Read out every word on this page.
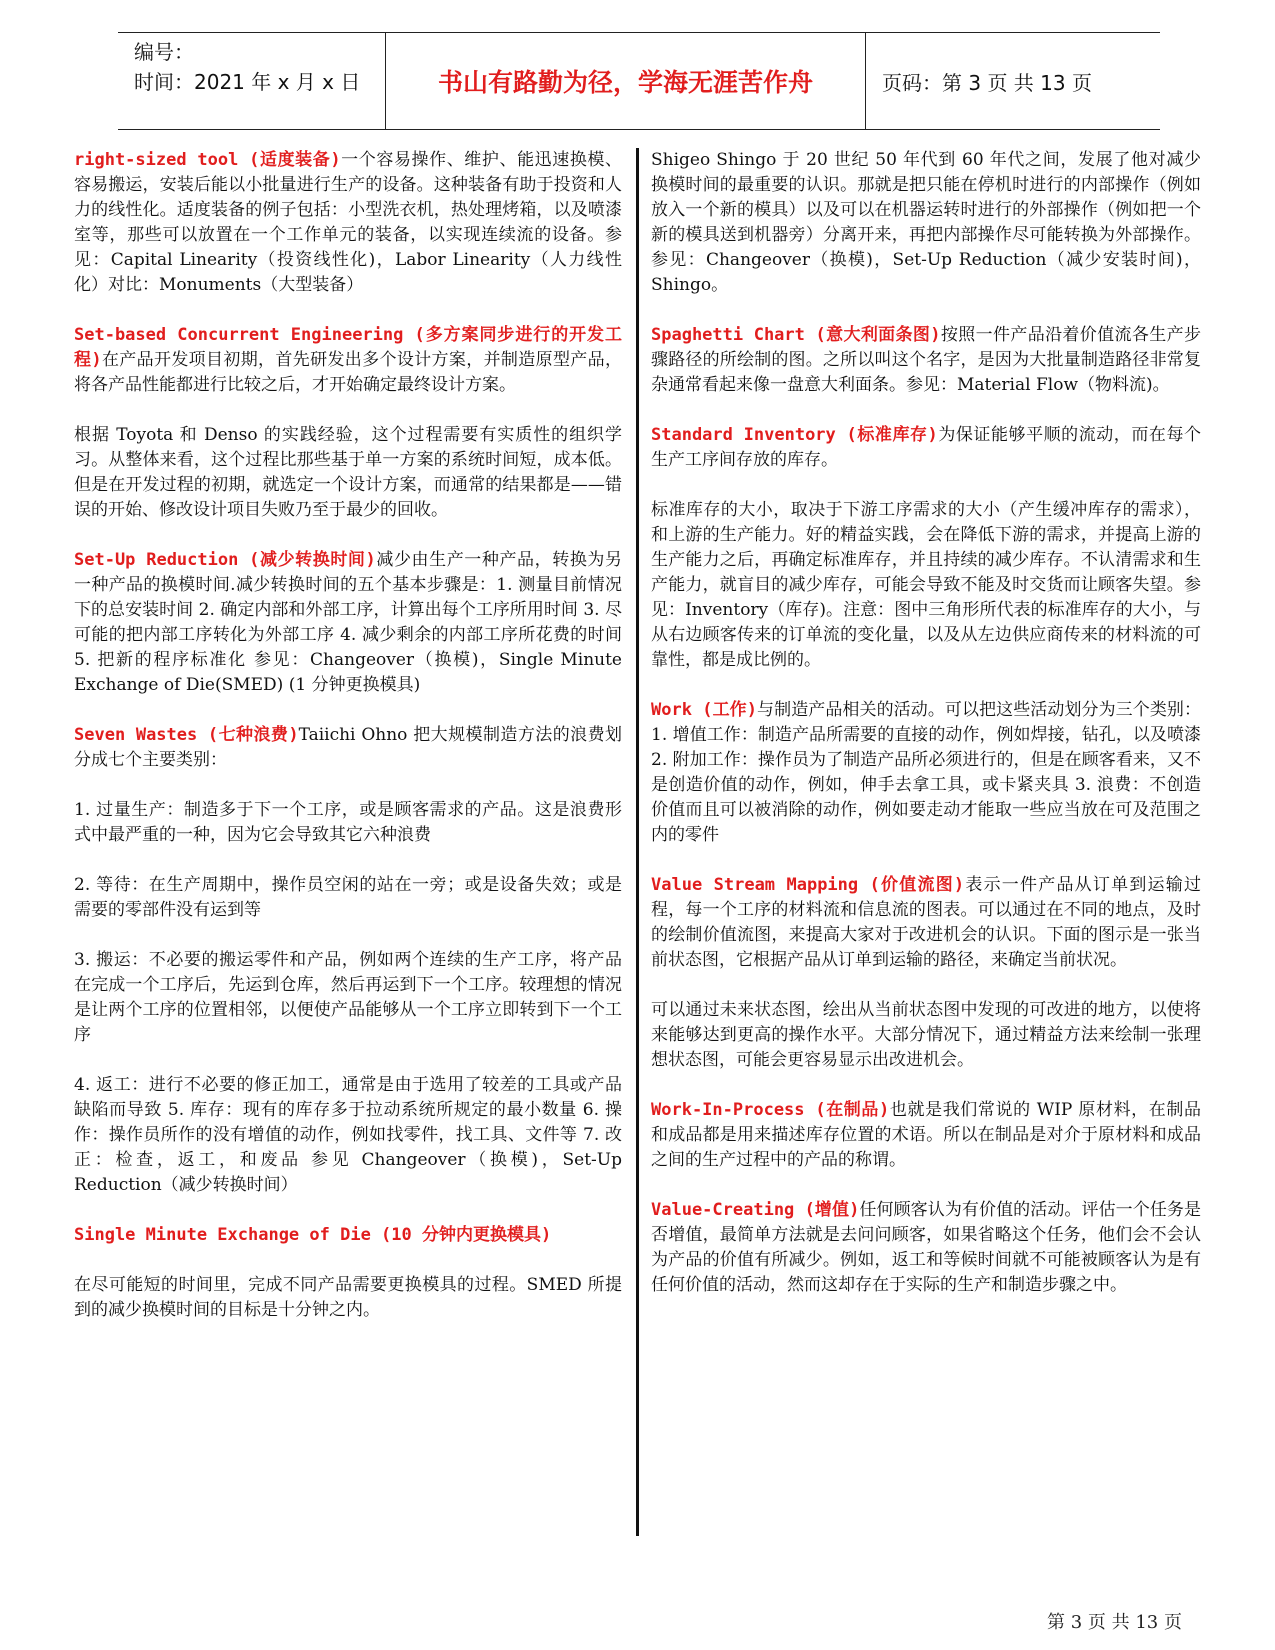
编号：
时间：2021 年 x 月 x 日	书山有路勤为径，学海无涯苦作舟	页码：第 3 页 共 13 页

right-sized tool (适度装备)一个容易操作、维护、能迅速换模、容易搬运，安装后能以小批量进行生产的设备。这种装备有助于投资和人力的线性化。适度装备的例子包括：小型洗衣机，热处理烤箱，以及喷漆室等，那些可以放置在一个工作单元的装备，以实现连续流的设备。参见：Capital Linearity（投资线性化)，Labor Linearity（人力线性化）对比：Monuments（大型装备）

Set-based Concurrent Engineering (多方案同步进行的开发工程)在产品开发项目初期，首先研发出多个设计方案，并制造原型产品，将各产品性能都进行比较之后，才开始确定最终设计方案。

根据 Toyota 和 Denso 的实践经验，这个过程需要有实质性的组织学习。从整体来看，这个过程比那些基于单一方案的系统时间短，成本低。但是在开发过程的初期，就选定一个设计方案，而通常的结果都是——错误的开始、修改设计项目失败乃至于最少的回收。

Set-Up Reduction (减少转换时间)减少由生产一种产品，转换为另一种产品的换模时间.减少转换时间的五个基本步骤是：1. 测量目前情况下的总安装时间 2. 确定内部和外部工序，计算出每个工序所用时间 3. 尽可能的把内部工序转化为外部工序 4. 减少剩余的内部工序所花费的时间 5. 把新的程序标准化 参见：Changeover（换模)，Single Minute Exchange of Die(SMED) (1 分钟更换模具)

Seven Wastes (七种浪费)Taiichi Ohno 把大规模制造方法的浪费划分成七个主要类别：

1. 过量生产：制造多于下一个工序，或是顾客需求的产品。这是浪费形式中最严重的一种，因为它会导致其它六种浪费

2. 等待：在生产周期中，操作员空闲的站在一旁；或是设备失效；或是需要的零部件没有运到等

3. 搬运：不必要的搬运零件和产品，例如两个连续的生产工序，将产品在完成一个工序后，先运到仓库，然后再运到下一个工序。较理想的情况是让两个工序的位置相邻，以便使产品能够从一个工序立即转到下一个工序

4. 返工：进行不必要的修正加工，通常是由于选用了较差的工具或产品缺陷而导致 5. 库存：现有的库存多于拉动系统所规定的最小数量 6. 操作：操作员所作的没有增值的动作，例如找零件，找工具、文件等 7. 改正：检查，返工，和废品 参见 Changeover（换模)，Set-Up Reduction（减少转换时间）

Single Minute Exchange of Die (10 分钟内更换模具)

在尽可能短的时间里，完成不同产品需要更换模具的过程。SMED 所提到的减少换模时间的目标是十分钟之内。

Shigeo Shingo 于 20 世纪 50 年代到 60 年代之间，发展了他对减少换模时间的最重要的认识。那就是把只能在停机时进行的内部操作（例如放入一个新的模具）以及可以在机器运转时进行的外部操作（例如把一个新的模具送到机器旁）分离开来，再把内部操作尽可能转换为外部操作。参见：Changeover（换模)，Set-Up Reduction（减少安装时间)，Shingo。

Spaghetti Chart (意大利面条图)按照一件产品沿着价值流各生产步骤路径的所绘制的图。之所以叫这个名字，是因为大批量制造路径非常复杂通常看起来像一盘意大利面条。参见：Material Flow（物料流)。

Standard Inventory (标准库存)为保证能够平顺的流动，而在每个生产工序间存放的库存。

标准库存的大小，取决于下游工序需求的大小（产生缓冲库存的需求），和上游的生产能力。好的精益实践，会在降低下游的需求，并提高上游的生产能力之后，再确定标准库存，并且持续的减少库存。不认清需求和生产能力，就盲目的减少库存，可能会导致不能及时交货而让顾客失望。参见：Inventory（库存)。注意：图中三角形所代表的标准库存的大小，与从右边顾客传来的订单流的变化量，以及从左边供应商传来的材料流的可靠性，都是成比例的。

Work (工作)与制造产品相关的活动。可以把这些活动划分为三个类别：1. 增值工作：制造产品所需要的直接的动作，例如焊接，钻孔，以及喷漆 2. 附加工作：操作员为了制造产品所必须进行的，但是在顾客看来，又不是创造价值的动作，例如，伸手去拿工具，或卡紧夹具 3. 浪费：不创造价值而且可以被消除的动作，例如要走动才能取一些应当放在可及范围之内的零件

Value Stream Mapping (价值流图)表示一件产品从订单到运输过程，每一个工序的材料流和信息流的图表。可以通过在不同的地点，及时的绘制价值流图，来提高大家对于改进机会的认识。下面的图示是一张当前状态图，它根据产品从订单到运输的路径，来确定当前状况。

可以通过未来状态图，绘出从当前状态图中发现的可改进的地方，以使将来能够达到更高的操作水平。大部分情况下，通过精益方法来绘制一张理想状态图，可能会更容易显示出改进机会。

Work-In-Process (在制品)也就是我们常说的 WIP 原材料，在制品和成品都是用来描述库存位置的术语。所以在制品是对介于原材料和成品之间的生产过程中的产品的称谓。

Value-Creating (增值)任何顾客认为有价值的活动。评估一个任务是否增值，最简单方法就是去问问顾客，如果省略这个任务，他们会不会认为产品的价值有所减少。例如，返工和等候时间就不可能被顾客认为是有任何价值的活动，然而这却存在于实际的生产和制造步骤之中。

第 3 页 共 13 页
